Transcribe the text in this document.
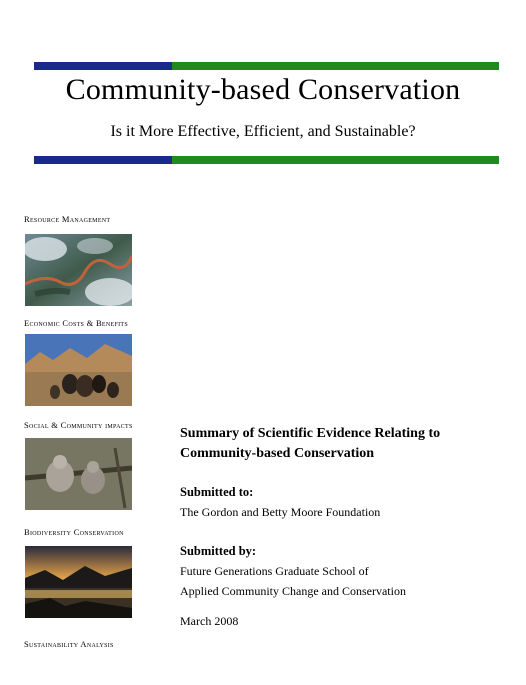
Community-based Conservation
Is it More Effective, Efficient, and Sustainable?
Resource Management
Economic Costs & Benefits
Social & Community impacts
Biodiversity Conservation
Sustainability Analysis
Summary of Scientific Evidence Relating to Community-based Conservation
Submitted to:
The Gordon and Betty Moore Foundation
Submitted by:
Future Generations Graduate School of
Applied Community Change and Conservation
March 2008
